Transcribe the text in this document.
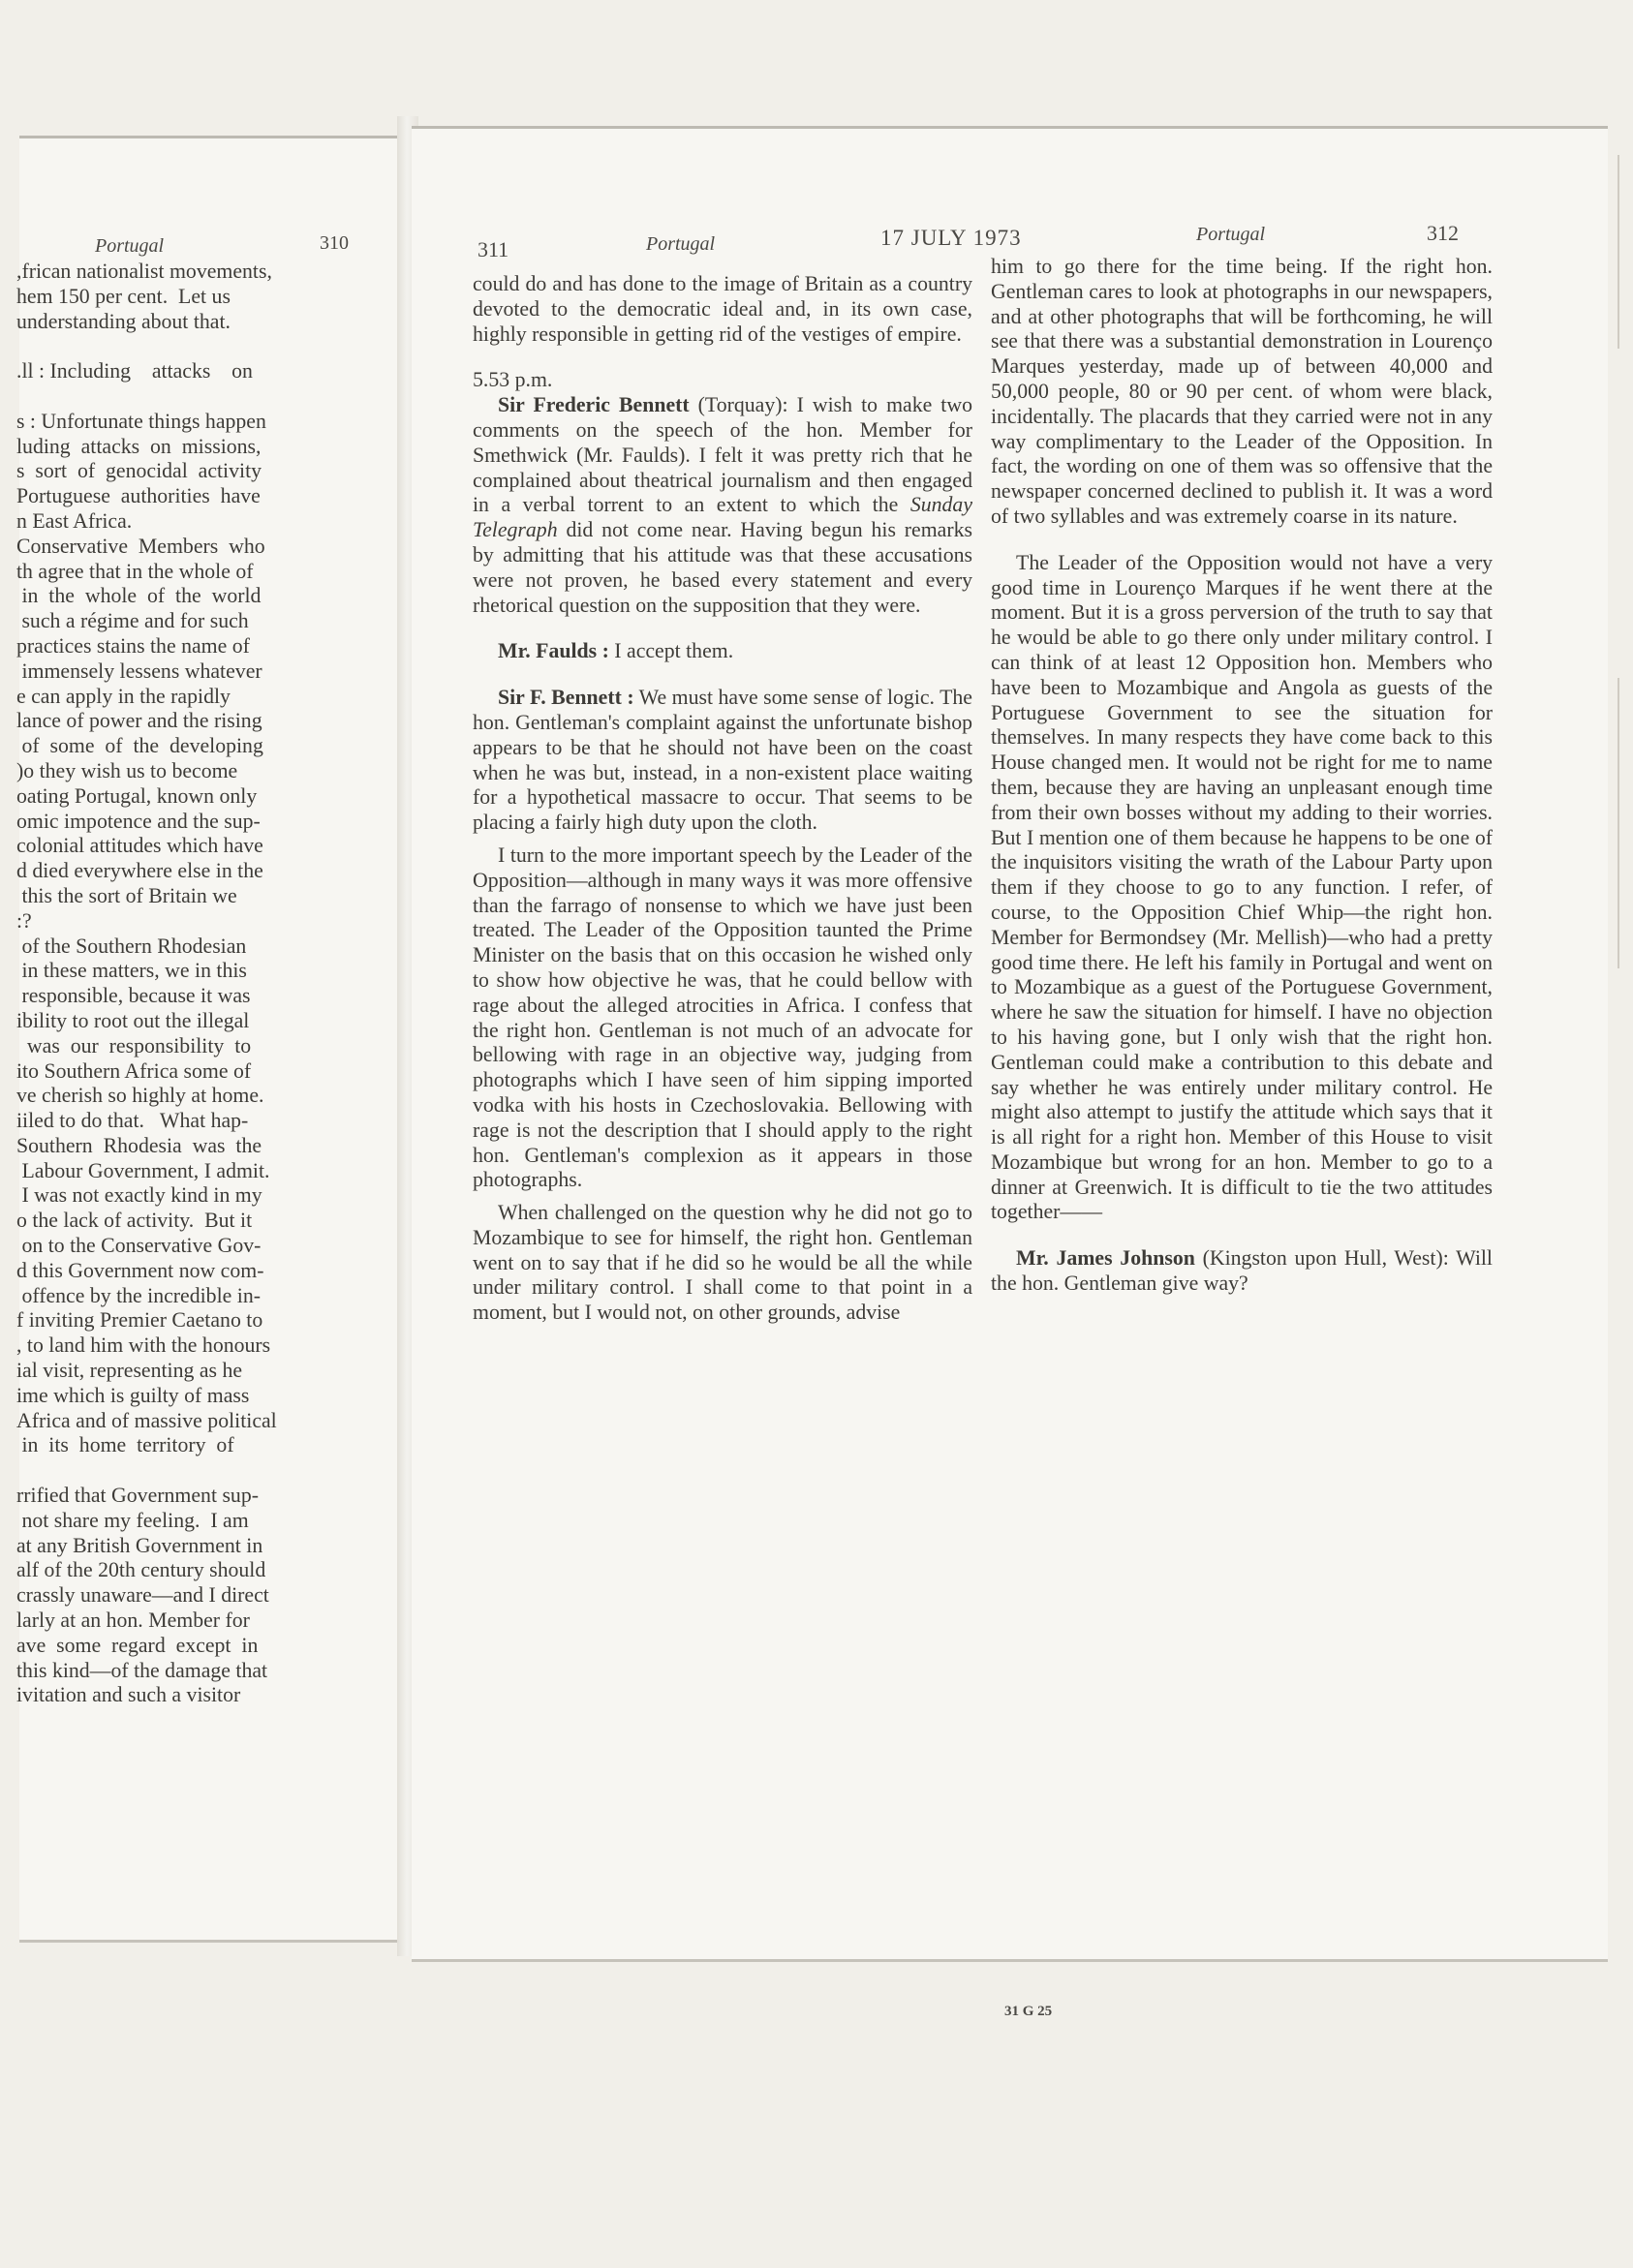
Portugal	310
,frican nationalist movements,
hem 150 per cent.  Let us
understanding about that.
.ll : Including    attacks    on
s : Unfortunate things happen
luding  attacks  on  missions,
s  sort  of  genocidal  activity
Portuguese  authorities  have
n East Africa.
Conservative  Members  who
th agree that in the whole of
in  the  whole  of  the  world
such a régime and for such
practices stains the name of
immensely lessens whatever
e can apply in the rapidly
lance of power and the rising
of  some  of  the  developing
)o they wish us to become
oating Portugal, known only
omic impotence and the sup-
colonial attitudes which have
d died everywhere else in the
this the sort of Britain we
:?
of the Southern Rhodesian
in these matters, we in this
responsible, because it was
ibility to root out the illegal
was  our  responsibility  to
ito Southern Africa some of
ve cherish so highly at home.
iiled to do that.   What hap-
Southern  Rhodesia  was  the
Labour Government, I admit.
I was not exactly kind in my
o the lack of activity.  But it
on to the Conservative Gov-
d this Government now com-
offence by the incredible in-
f inviting Premier Caetano to
, to land him with the honours
ial visit, representing as he
ime which is guilty of mass
Africa and of massive political
in  its  home  territory  of
rrified that Government sup-
not share my feeling.  I am
at any British Government in
alf of the 20th century should
crassly unaware—and I direct
larly at an hon. Member for
ave  some  regard  except  in
this kind—of the damage that
ivitation and such a visitor
311	Portugal	17 JULY 1973	Portugal	312

could do and has done to the image of Britain as a country devoted to the democratic ideal and, in its own case, highly responsible in getting rid of the vestiges of empire.

5.53 p.m.

Sir Frederic Bennett (Torquay): I wish to make two comments on the speech of the hon. Member for Smethwick (Mr. Faulds). I felt it was pretty rich that he complained about theatrical journalism and then engaged in a verbal torrent to an extent to which the Sunday Telegraph did not come near. Having begun his remarks by admitting that his attitude was that these accusations were not proven, he based every statement and every rhetorical question on the supposition that they were.

Mr. Faulds : I accept them.

Sir F. Bennett : We must have some sense of logic. The hon. Gentleman's complaint against the unfortunate bishop appears to be that he should not have been on the coast when he was but, instead, in a non-existent place waiting for a hypothetical massacre to occur. That seems to be placing a fairly high duty upon the cloth.

I turn to the more important speech by the Leader of the Opposition—although in many ways it was more offensive than the farrago of nonsense to which we have just been treated. The Leader of the Opposition taunted the Prime Minister on the basis that on this occasion he wished only to show how objective he was, that he could bellow with rage about the alleged atrocities in Africa. I confess that the right hon. Gentleman is not much of an advocate for bellowing with rage in an objective way, judging from photographs which I have seen of him sipping imported vodka with his hosts in Czechoslovakia. Bellowing with rage is not the description that I should apply to the right hon. Gentleman's complexion as it appears in those photographs.

When challenged on the question why he did not go to Mozambique to see for himself, the right hon. Gentleman went on to say that if he did so he would be all the while under military control. I shall come to that point in a moment, but I would not, on other grounds, advise

him to go there for the time being. If the right hon. Gentleman cares to look at photographs in our newspapers, and at other photographs that will be forthcoming, he will see that there was a substantial demonstration in Lourenço Marques yesterday, made up of between 40,000 and 50,000 people, 80 or 90 per cent. of whom were black, incidentally. The placards that they carried were not in any way complimentary to the Leader of the Opposition. In fact, the wording on one of them was so offensive that the newspaper concerned declined to publish it. It was a word of two syllables and was extremely coarse in its nature.

The Leader of the Opposition would not have a very good time in Lourenço Marques if he went there at the moment. But it is a gross perversion of the truth to say that he would be able to go there only under military control. I can think of at least 12 Opposition hon. Members who have been to Mozambique and Angola as guests of the Portuguese Government to see the situation for themselves. In many respects they have come back to this House changed men. It would not be right for me to name them, because they are having an unpleasant enough time from their own bosses without my adding to their worries. But I mention one of them because he happens to be one of the inquisitors visiting the wrath of the Labour Party upon them if they choose to go to any function. I refer, of course, to the Opposition Chief Whip—the right hon. Member for Bermondsey (Mr. Mellish)—who had a pretty good time there. He left his family in Portugal and went on to Mozambique as a guest of the Portuguese Government, where he saw the situation for himself. I have no objection to his having gone, but I only wish that the right hon. Gentleman could make a contribution to this debate and say whether he was entirely under military control. He might also attempt to justify the attitude which says that it is all right for a right hon. Member of this House to visit Mozambique but wrong for an hon. Member to go to a dinner at Greenwich. It is difficult to tie the two attitudes together——

Mr. James Johnson (Kingston upon Hull, West): Will the hon. Gentleman give way?

31 G 25
